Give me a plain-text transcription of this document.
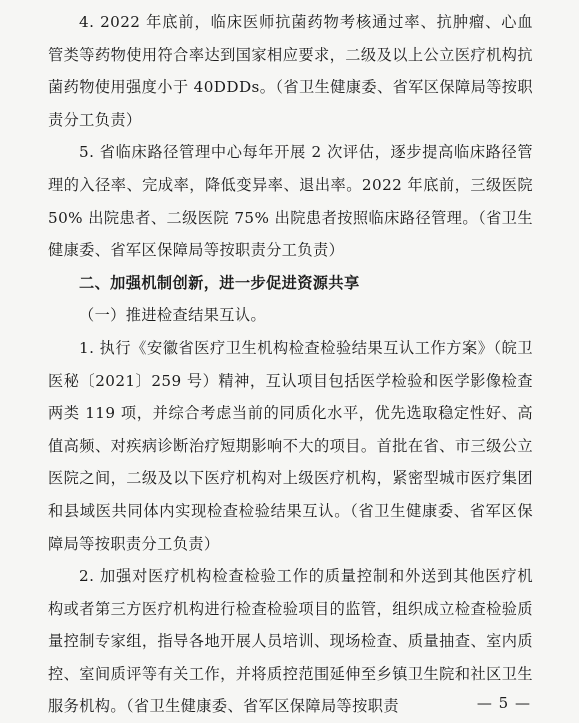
4. 2022 年底前，临床医师抗菌药物考核通过率、抗肿瘤、心血管类等药物使用符合率达到国家相应要求，二级及以上公立医疗机构抗菌药物使用强度小于 40DDDs。（省卫生健康委、省军区保障局等按职责分工负责）

5. 省临床路径管理中心每年开展 2 次评估，逐步提高临床路径管理的入径率、完成率，降低变异率、退出率。2022 年底前，三级医院 50% 出院患者、二级医院 75% 出院患者按照临床路径管理。（省卫生健康委、省军区保障局等按职责分工负责）

二、加强机制创新，进一步促进资源共享

（一）推进检查结果互认。

1. 执行《安徽省医疗卫生机构检查检验结果互认工作方案》（皖卫医秘〔2021〕259 号）精神，互认项目包括医学检验和医学影像检查两类 119 项，并综合考虑当前的同质化水平，优先选取稳定性好、高值高频、对疾病诊断治疗短期影响不大的项目。首批在省、市三级公立医院之间，二级及以下医疗机构对上级医疗机构，紧密型城市医疗集团和县域医共同体内实现检查检验结果互认。（省卫生健康委、省军区保障局等按职责分工负责）

2. 加强对医疗机构检查检验工作的质量控制和外送到其他医疗机构或者第三方医疗机构进行检查检验项目的监管，组织成立检查检验质量控制专家组，指导各地开展人员培训、现场检查、质量抽查、室内质控、室间质评等有关工作，并将质控范围延伸至乡镇卫生院和社区卫生服务机构。（省卫生健康委、省军区保障局等按职责	— 5 —
